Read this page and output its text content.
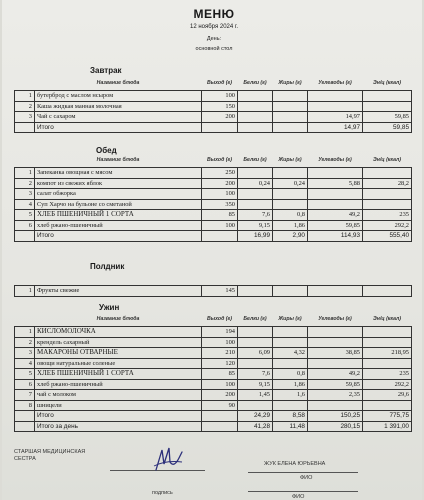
МЕНЮ
12 ноября 2024 г.
День:
основной стол
Завтрак
	Название блюда	Выход (г)	Белки (г)	Жиры (г)	Углеводы (г)	Эн/ц (ккал)
1	бутерброд с маслом нсыром	100				
2	Каша жидкая манная молочная	150				
3	Чай с сахаром	200			14,97	59,85
	Итого				14,97	59,85
Обед
	Название блюда	Выход (г)	Белки (г)	Жиры (г)	Углеводы (г)	Эн/ц (ккал)
1	Запеканка овощная с мясом	250				
2	компот из свежих яблок	200	0,24	0,24	5,88	28,2
3	салат обжорка	100				
4	Суп Харчо на бульоне со сметаной	350				
5	ХЛЕБ ПШЕНИЧНЫЙ 1 СОРТА	85	7,6	0,8	49,2	235
6	хлеб ржано-пшеничный	100	9,15	1,86	59,85	292,2
	Итого		16,99	2,90	114,93	555,40
Полдник
1	Фрукты свежие	145				
Ужин
	Название блюда	Выход (г)	Белки (г)	Жиры (г)	Углеводы (г)	Эн/ц (ккал)
1	КИСЛОМОЛОЧКА	194				
2	крендель сахарный	100				
3	МАКАРОНЫ ОТВАРНЫЕ	210	6,09	4,32	38,85	218,95
4	овощи натуральные соленые	120				
5	ХЛЕБ ПШЕНИЧНЫЙ 1 СОРТА	85	7,6	0,8	49,2	235
6	хлеб ржано-пшеничный	100	9,15	1,86	59,85	292,2
7	чай с молоком	200	1,45	1,6	2,35	29,6
8	шницели	90				
	Итого		24,29	8,58	150,25	775,75
	Итого за день		41,28	11,48	280,15	1 391,00
СТАРШАЯ МЕДИЦИНСКАЯ
СЕСТРА
подпись
ЖУК ЕЛЕНА ЮРЬЕВНА
ФИО
ФИО
